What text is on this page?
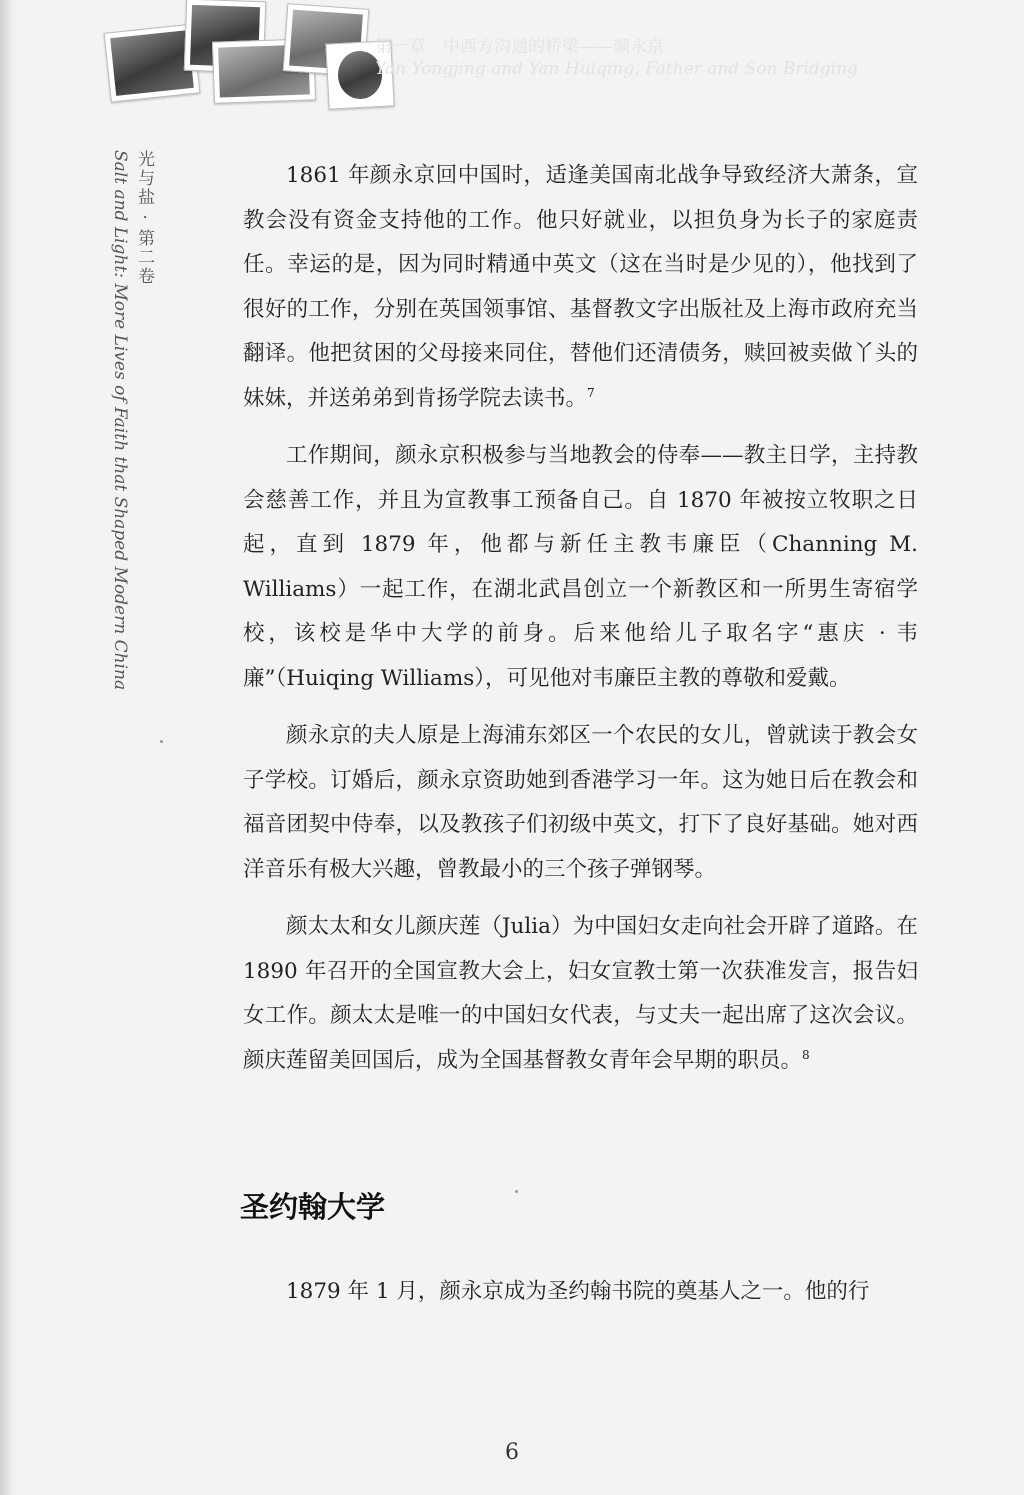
第一章　中西方沟通的桥梁——颜永京
Yan Yongjing and Yan Huiqing, Father and Son Bridging
光与盐 · 第二卷
Salt and Light: More Lives of Faith that Shaped Modern China	1861 年颜永京回中国时，适逢美国南北战争导致经济大萧条，宣教会没有资金支持他的工作。他只好就业，以担负身为长子的家庭责任。幸运的是，因为同时精通中英文（这在当时是少见的），他找到了很好的工作，分别在英国领事馆、基督教文字出版社及上海市政府充当翻译。他把贫困的父母接来同住，替他们还清债务，赎回被卖做丫头的妹妹，并送弟弟到肯扬学院去读书。$^7$

工作期间，颜永京积极参与当地教会的侍奉——教主日学，主持教会慈善工作，并且为宣教事工预备自己。自 1870 年被按立牧职之日起，直到 1879 年，他都与新任主教韦廉臣（Channing M. Williams）一起工作，在湖北武昌创立一个新教区和一所男生寄宿学校，该校是华中大学的前身。后来他给儿子取名字“惠庆 · 韦廉”（Huiqing Williams），可见他对韦廉臣主教的尊敬和爱戴。

颜永京的夫人原是上海浦东郊区一个农民的女儿，曾就读于教会女子学校。订婚后，颜永京资助她到香港学习一年。这为她日后在教会和福音团契中侍奉，以及教孩子们初级中英文，打下了良好基础。她对西洋音乐有极大兴趣，曾教最小的三个孩子弹钢琴。

颜太太和女儿颜庆莲（Julia）为中国妇女走向社会开辟了道路。在 1890 年召开的全国宣教大会上，妇女宣教士第一次获准发言，报告妇女工作。颜太太是唯一的中国妇女代表，与丈夫一起出席了这次会议。颜庆莲留美回国后，成为全国基督教女青年会早期的职员。$^8$

圣约翰大学

1879 年 1 月，颜永京成为圣约翰书院的奠基人之一。他的行

6
